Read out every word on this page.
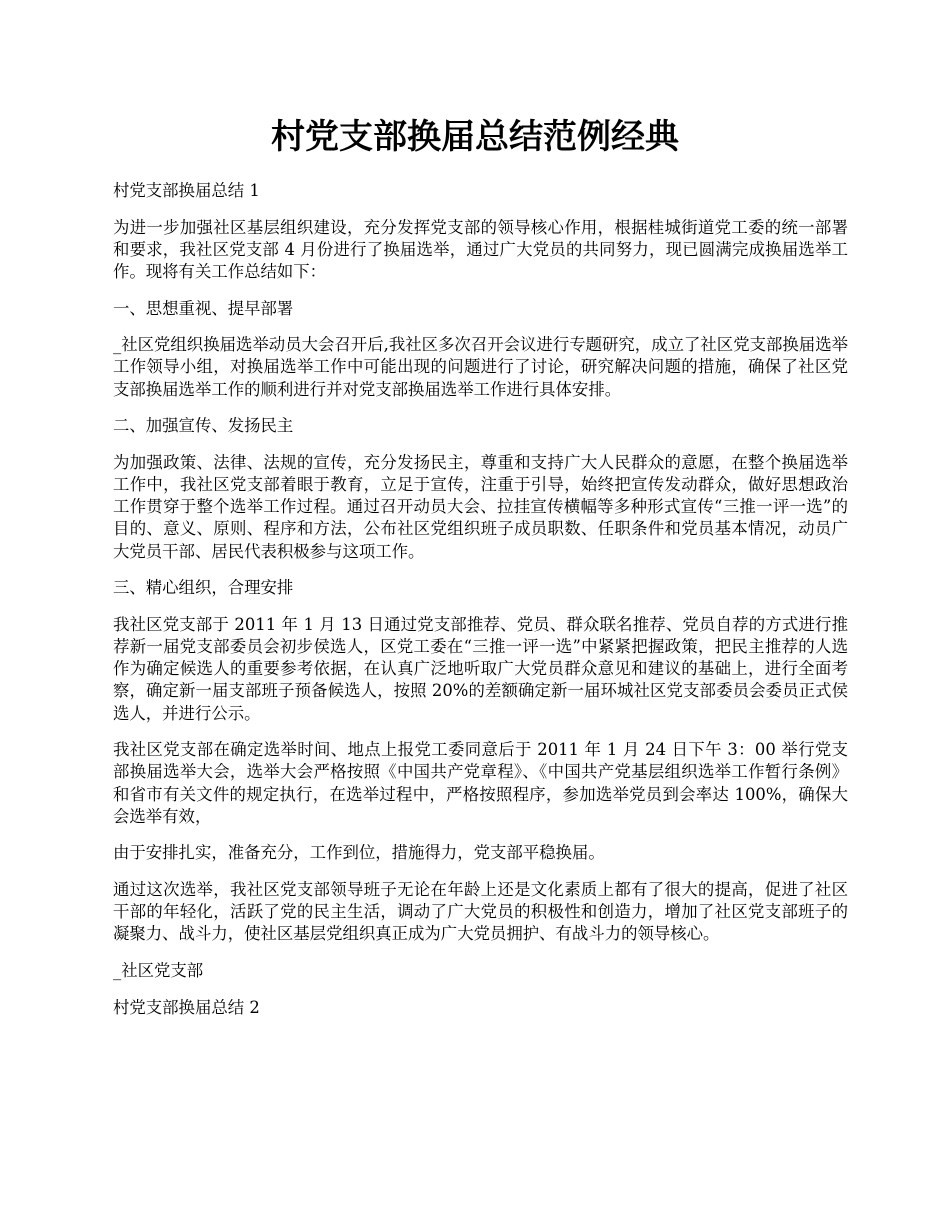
村党支部换届总结范例经典

村党支部换届总结 1

为进一步加强社区基层组织建设，充分发挥党支部的领导核心作用，根据桂城街道党工委的统一部署和要求，我社区党支部 4 月份进行了换届选举，通过广大党员的共同努力，现已圆满完成换届选举工作。现将有关工作总结如下：

一、思想重视、提早部署

_社区党组织换届选举动员大会召开后,我社区多次召开会议进行专题研究，成立了社区党支部换届选举工作领导小组，对换届选举工作中可能出现的问题进行了讨论，研究解决问题的措施，确保了社区党支部换届选举工作的顺利进行并对党支部换届选举工作进行具体安排。

二、加强宣传、发扬民主

为加强政策、法律、法规的宣传，充分发扬民主，尊重和支持广大人民群众的意愿，在整个换届选举工作中，我社区党支部着眼于教育，立足于宣传，注重于引导，始终把宣传发动群众，做好思想政治工作贯穿于整个选举工作过程。通过召开动员大会、拉挂宣传横幅等多种形式宣传“三推一评一选”的目的、意义、原则、程序和方法，公布社区党组织班子成员职数、任职条件和党员基本情况，动员广大党员干部、居民代表积极参与这项工作。

三、精心组织，合理安排

我社区党支部于 2011 年 1 月 13 日通过党支部推荐、党员、群众联名推荐、党员自荐的方式进行推荐新一届党支部委员会初步侯选人，区党工委在“三推一评一选”中紧紧把握政策，把民主推荐的人选作为确定候选人的重要参考依据，在认真广泛地听取广大党员群众意见和建议的基础上，进行全面考察，确定新一届支部班子预备候选人，按照 20%的差额确定新一届环城社区党支部委员会委员正式侯选人，并进行公示。

我社区党支部在确定选举时间、地点上报党工委同意后于 2011 年 1 月 24 日下午 3：00 举行党支部换届选举大会，选举大会严格按照《中国共产党章程》、《中国共产党基层组织选举工作暂行条例》和省市有关文件的规定执行，在选举过程中，严格按照程序，参加选举党员到会率达 100%，确保大会选举有效，

由于安排扎实，准备充分，工作到位，措施得力，党支部平稳换届。

通过这次选举，我社区党支部领导班子无论在年龄上还是文化素质上都有了很大的提高，促进了社区干部的年轻化，活跃了党的民主生活，调动了广大党员的积极性和创造力，增加了社区党支部班子的凝聚力、战斗力，使社区基层党组织真正成为广大党员拥护、有战斗力的领导核心。

_社区党支部

村党支部换届总结 2
